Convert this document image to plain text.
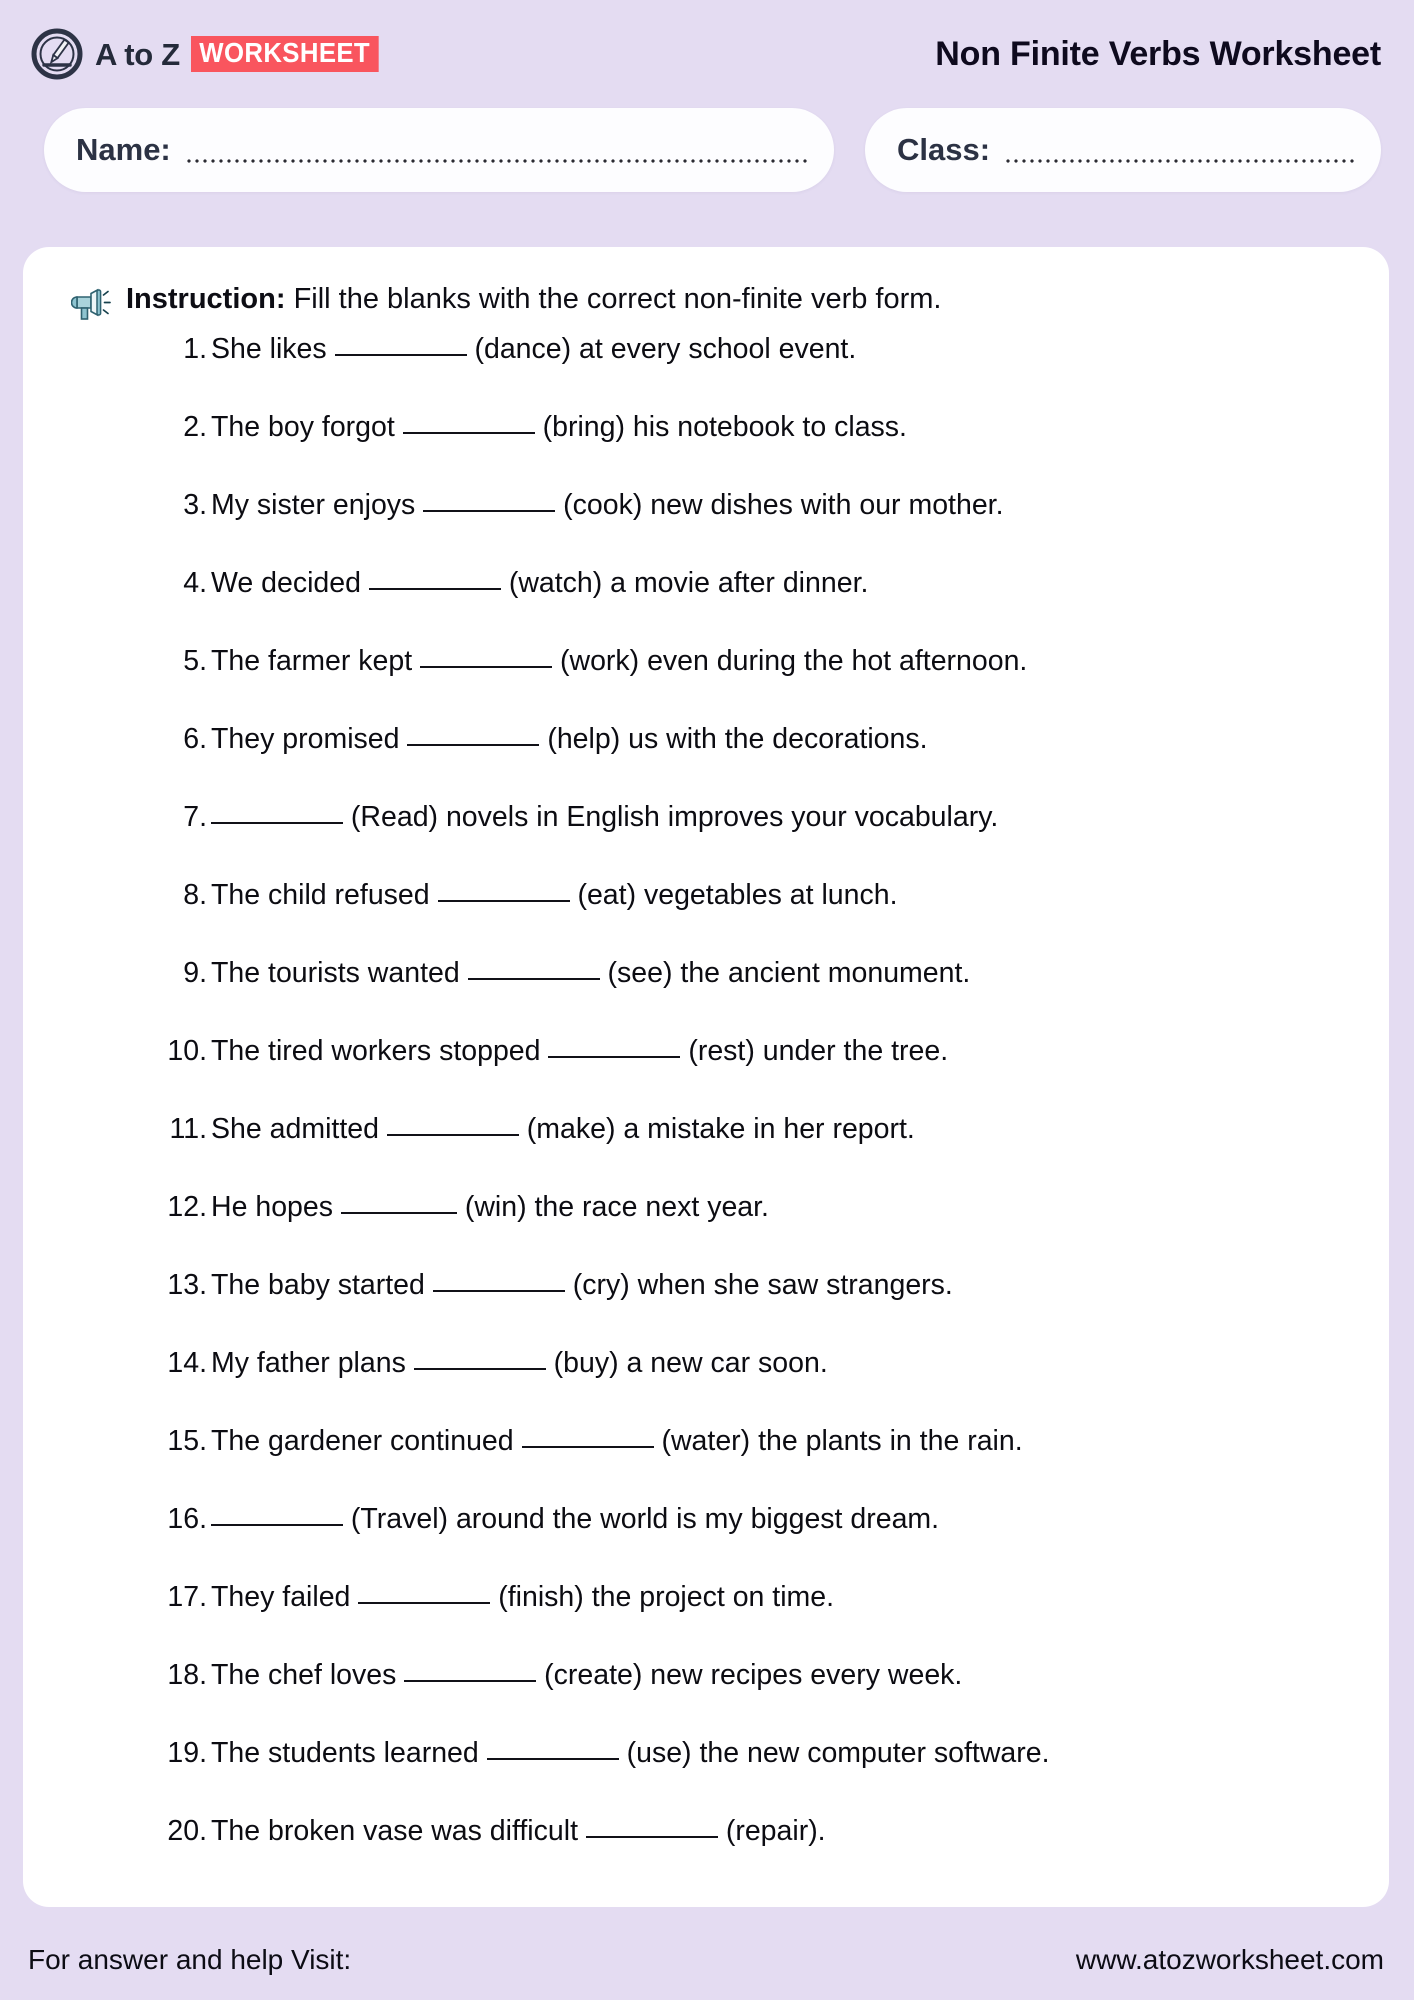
A to Z WORKSHEET	Non Finite Verbs Worksheet
Name:	Class:
Instruction: Fill the blanks with the correct non-finite verb form.
1. She likes	(dance) at every school event.
2. The boy forgot	(bring) his notebook to class.
3. My sister enjoys	(cook) new dishes with our mother.
4. We decided	(watch) a movie after dinner.
5. The farmer kept	(work) even during the hot afternoon.
6. They promised	(help) us with the decorations.
7.	(Read) novels in English improves your vocabulary.
8. The child refused	(eat) vegetables at lunch.
9. The tourists wanted	(see) the ancient monument.
10. The tired workers stopped	(rest) under the tree.
11. She admitted	(make) a mistake in her report.
12. He hopes	(win) the race next year.
13. The baby started	(cry) when she saw strangers.
14. My father plans	(buy) a new car soon.
15. The gardener continued	(water) the plants in the rain.
16.	(Travel) around the world is my biggest dream.
17. They failed	(finish) the project on time.
18. The chef loves	(create) new recipes every week.
19. The students learned	(use) the new computer software.
20. The broken vase was difficult	(repair).
For answer and help Visit:	www.atozworksheet.com
